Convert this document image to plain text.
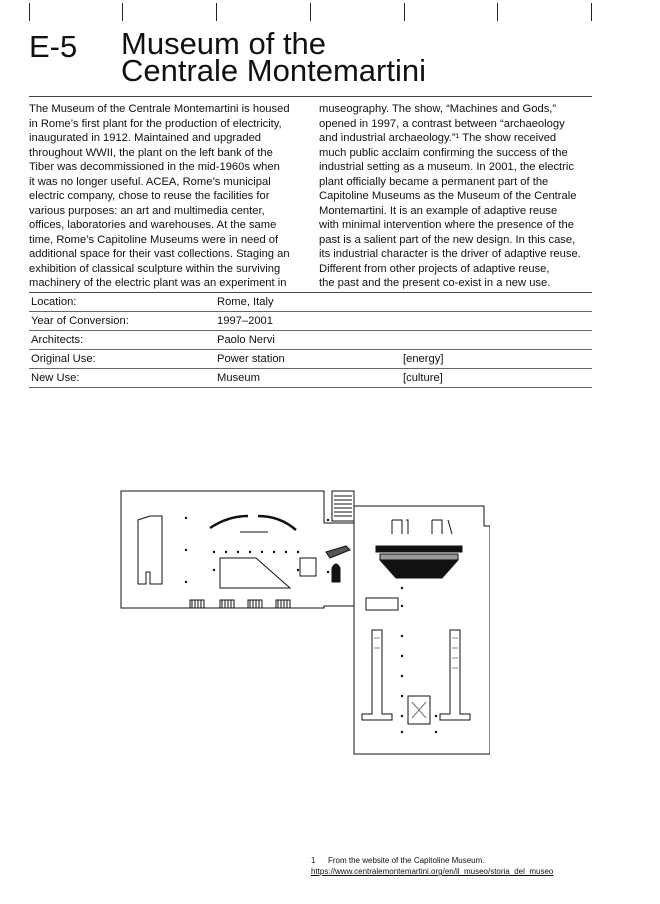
E-5 Museum of the
Centrale Montemartini
The Museum of the Centrale Montemartini is housed
in Rome’s first plant for the production of electricity,
inaugurated in 1912. Maintained and upgraded
throughout WWII, the plant on the left bank of the
Tiber was decommissioned in the mid-1960s when
it was no longer useful. ACEA, Rome’s municipal
electric company, chose to reuse the facilities for
various purposes: an art and multimedia center,
offices, laboratories and warehouses. At the same
time, Rome’s Capitoline Museums were in need of
additional space for their vast collections. Staging an
exhibition of classical sculpture within the surviving
machinery of the electric plant was an experiment in
museography. The show, “Machines and Gods,”
opened in 1997, a contrast between “archaeology
and industrial archaeology.”¹ The show received
much public acclaim confirming the success of the
industrial setting as a museum. In 2001, the electric
plant officially became a permanent part of the
Capitoline Museums as the Museum of the Centrale
Montemartini. It is an example of adaptive reuse
with minimal intervention where the presence of the
past is a salient part of the new design. In this case,
its industrial character is the driver of adaptive reuse.
Different from other projects of adaptive reuse,
the past and the present co-exist in a new use.
Location:	Rome, Italy
Year of Conversion:	1997–2001
Architects:	Paolo Nervi
Original Use:	Power station	[energy]
New Use:	Museum	[culture]
1 From the website of the Capitoline Museum.
https://www.centralemontemartini.org/en/il_museo/storia_del_museo
